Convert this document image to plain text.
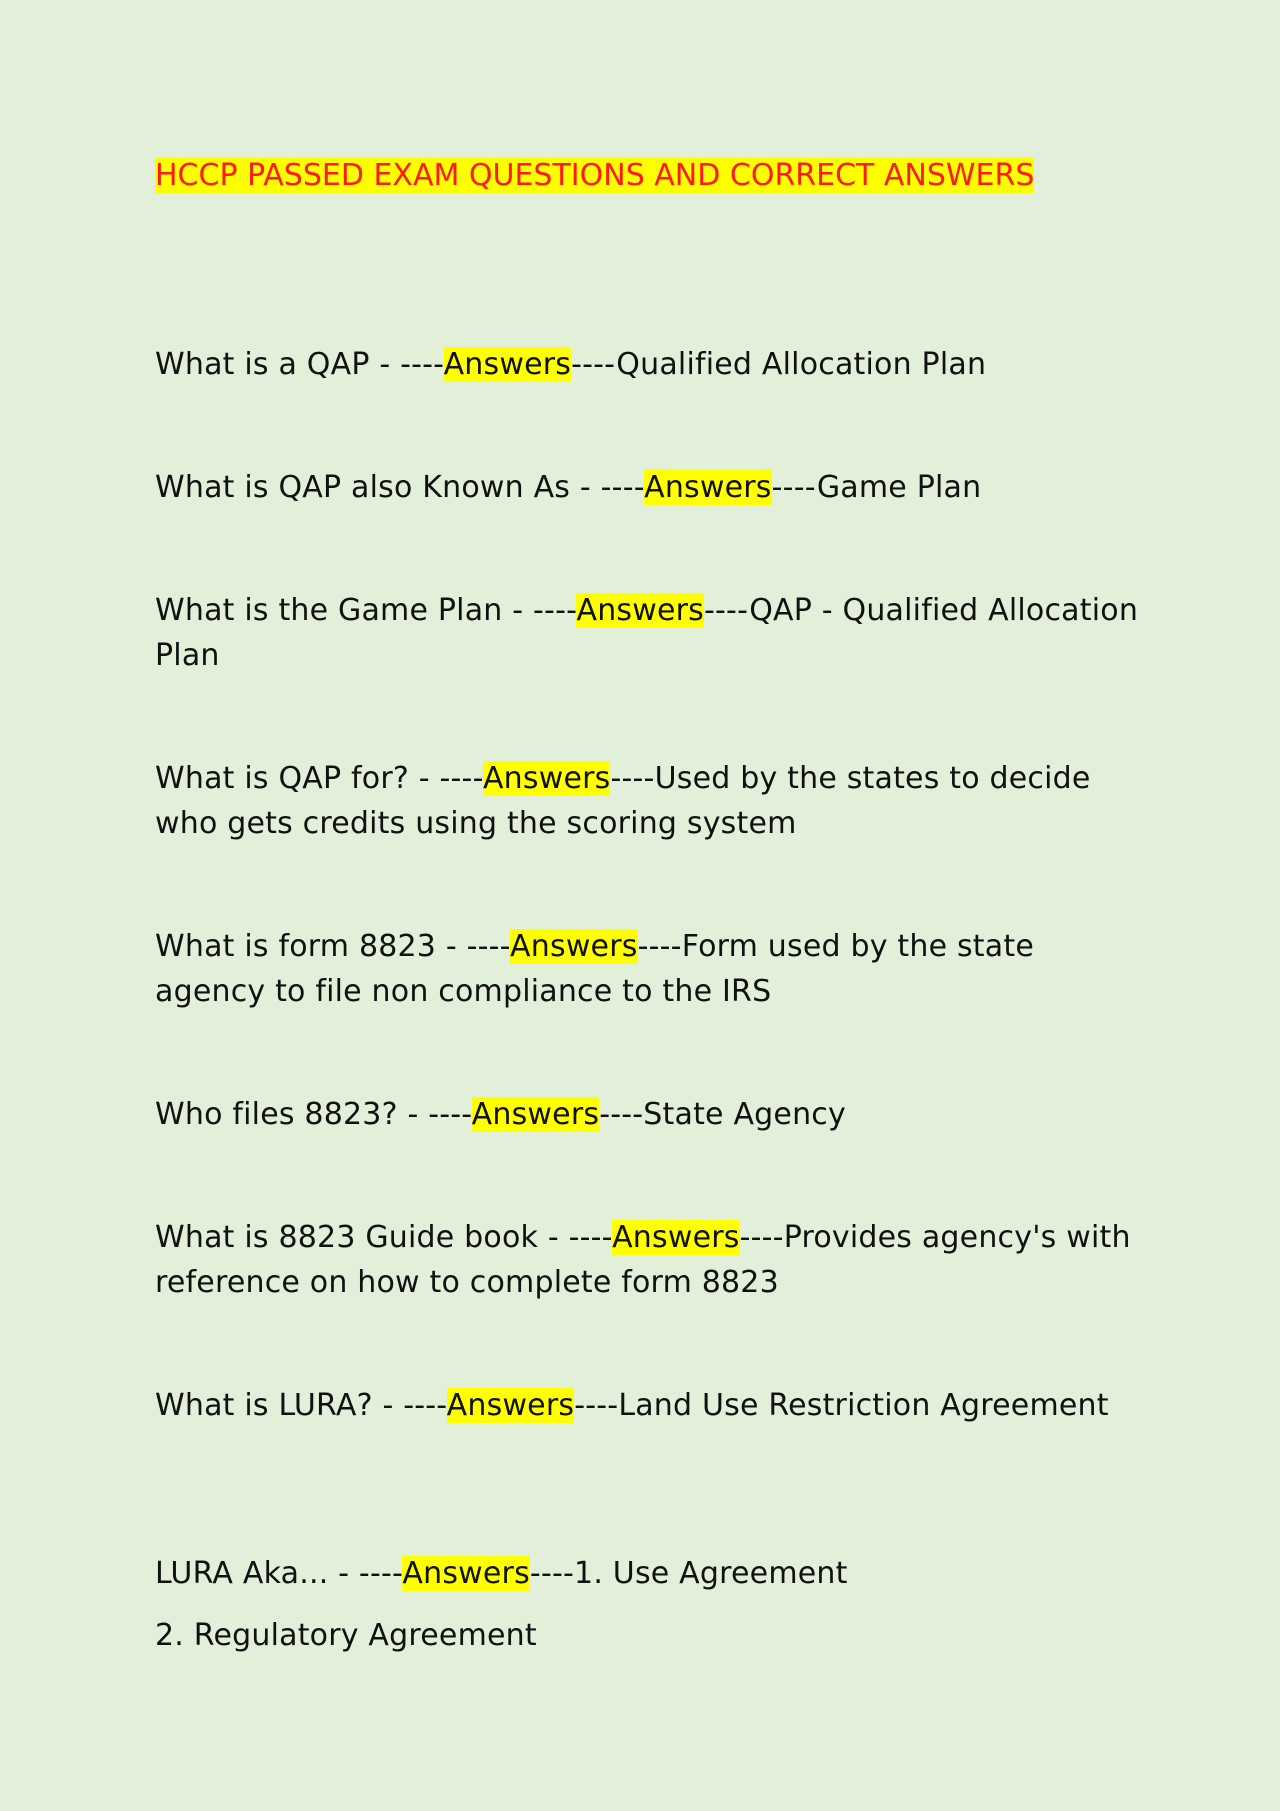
HCCP PASSED EXAM QUESTIONS AND CORRECT ANSWERS

What is a QAP - ----Answers----Qualified Allocation Plan

What is QAP also Known As - ----Answers----Game Plan

What is the Game Plan - ----Answers----QAP - Qualified Allocation Plan

What is QAP for? - ----Answers----Used by the states to decide who gets credits using the scoring system

What is form 8823 - ----Answers----Form used by the state agency to file non compliance to the IRS

Who files 8823? - ----Answers----State Agency

What is 8823 Guide book - ----Answers----Provides agency's with reference on how to complete form 8823

What is LURA? - ----Answers----Land Use Restriction Agreement

LURA Aka... - ----Answers----1. Use Agreement
2. Regulatory Agreement
